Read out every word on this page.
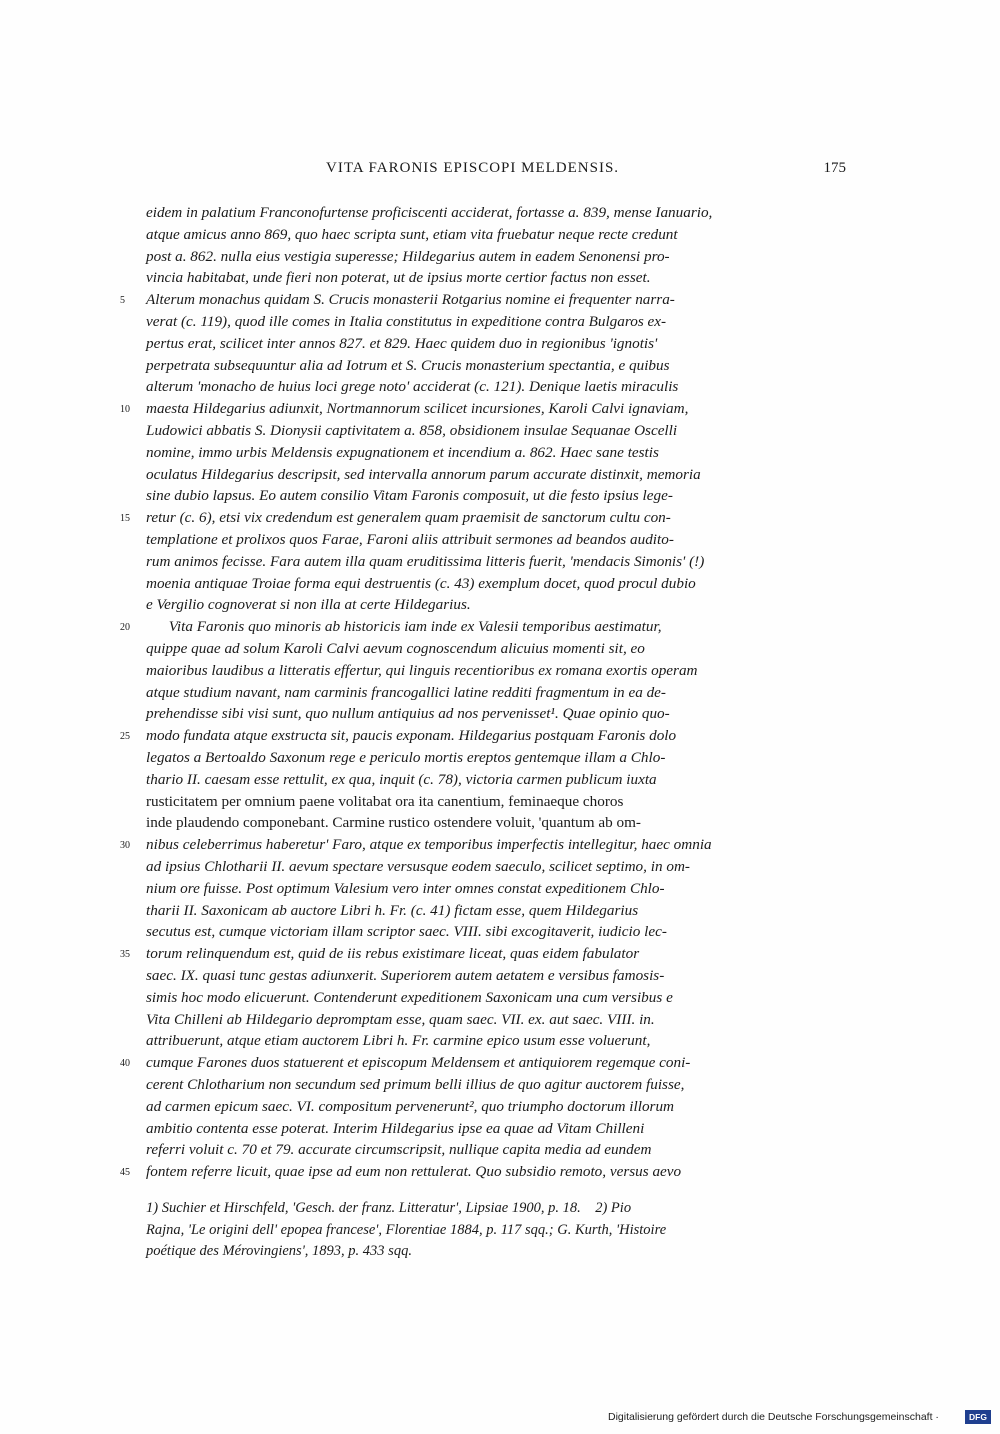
VITA FARONIS EPISCOPI MELDENSIS.	175
eidem in palatium Franconofurtense proficiscenti acciderat, fortasse a. 839, mense Ianuario,
atque amicus anno 869, quo haec scripta sunt, etiam vita fruebatur neque recte credunt
post a. 862. nulla eius vestigia superesse; Hildegarius autem in eadem Senonensi pro-
vincia habitabat, unde fieri non poterat, ut de ipsius morte certior factus non esset.
Alterum monachus quidam S. Crucis monasterii Rotgarius nomine ei frequenter narra-
5
verat (c. 119), quod ille comes in Italia constitutus in expeditione contra Bulgaros ex-
pertus erat, scilicet inter annos 827. et 829. Haec quidem duo in regionibus 'ignotis'
perpetrata subsequuntur alia ad Iotrum et S. Crucis monasterium spectantia, e quibus
alterum 'monacho de huius loci grege noto' acciderat (c. 121). Denique laetis miraculis
maesta Hildegarius adiunxit, Nortmannorum scilicet incursiones, Karoli Calvi ignaviam,
10
Ludowici abbatis S. Dionysii captivitatem a. 858, obsidionem insulae Sequanae Oscelli
nomine, immo urbis Meldensis expugnationem et incendium a. 862. Haec sane testis
oculatus Hildegarius descripsit, sed intervalla annorum parum accurate distinxit, memoria
sine dubio lapsus. Eo autem consilio Vitam Faronis composuit, ut die festo ipsius lege-
retur (c. 6), etsi vix credendum est generalem quam praemisit de sanctorum cultu con-
15
templatione et prolixos quos Farae, Faroni aliis attribuit sermones ad beandos audito-
rum animos fecisse. Fara autem illa quam eruditissima litteris fuerit, 'mendacis Simonis' (!)
moenia antiquae Troiae forma equi destruentis (c. 43) exemplum docet, quod procul dubio
e Vergilio cognoverat si non illa at certe Hildegarius.
Vita Faronis quo minoris ab historicis iam inde ex Valesii temporibus aestimatur,
20
quippe quae ad solum Karoli Calvi aevum cognoscendum alicuius momenti sit, eo
maioribus laudibus a litteratis effertur, qui linguis recentioribus ex romana exortis operam
atque studium navant, nam carminis francogallici latine redditi fragmentum in ea de-
prehendisse sibi visi sunt, quo nullum antiquius ad nos pervenisset¹. Quae opinio quo-
modo fundata atque exstructa sit, paucis exponam. Hildegarius postquam Faronis dolo
25
legatos a Bertoaldo Saxonum rege e periculo mortis ereptos gentemque illam a Chlo-
thario II. caesam esse rettulit, ex qua, inquit (c. 78), victoria carmen publicum iuxta
rusticitatem per omnium paene volitabat ora ita canentium, feminaeque choros
inde plaudendo componebant. Carmine rustico ostendere voluit, 'quantum ab om-
nibus celeberrimus haberetur' Faro, atque ex temporibus imperfectis intellegitur, haec omnia
30
ad ipsius Chlotharii II. aevum spectare versusque eodem saeculo, scilicet septimo, in om-
nium ore fuisse. Post optimum Valesium vero inter omnes constat expeditionem Chlo-
tharii II. Saxonicam ab auctore Libri h. Fr. (c. 41) fictam esse, quem Hildegarius
secutus est, cumque victoriam illam scriptor saec. VIII. sibi excogitaverit, iudicio lec-
torum relinquendum est, quid de iis rebus existimare liceat, quas eidem fabulator
35
saec. IX. quasi tunc gestas adiunxerit. Superiorem autem aetatem e versibus famosis-
simis hoc modo elicuerunt. Contenderunt expeditionem Saxonicam una cum versibus e
Vita Chilleni ab Hildegario depromptam esse, quam saec. VII. ex. aut saec. VIII. in.
attribuerunt, atque etiam auctorem Libri h. Fr. carmine epico usum esse voluerunt,
cumque Farones duos statuerent et episcopum Meldensem et antiquiorem regemque coni-
40
cerent Chlotharium non secundum sed primum belli illius de quo agitur auctorem fuisse,
ad carmen epicum saec. VI. compositum pervenerunt², quo triumpho doctorum illorum
ambitio contenta esse poterat. Interim Hildegarius ipse ea quae ad Vitam Chilleni
referri voluit c. 70 et 79. accurate circumscripsit, nullique capita media ad eundem
fontem referre licuit, quae ipse ad eum non rettulerat. Quo subsidio remoto, versus aevo
45
1) Suchier et Hirschfeld, 'Gesch. der franz. Litteratur', Lipsiae 1900, p. 18.    2) Pio
Rajna, 'Le origini dell' epopea francese', Florentiae 1884, p. 117 sqq.; G. Kurth, 'Histoire
poétique des Mérovingiens', 1893, p. 433 sqq.
Digitalisierung gefördert durch die Deutsche Forschungsgemeinschaft ·	DFG
